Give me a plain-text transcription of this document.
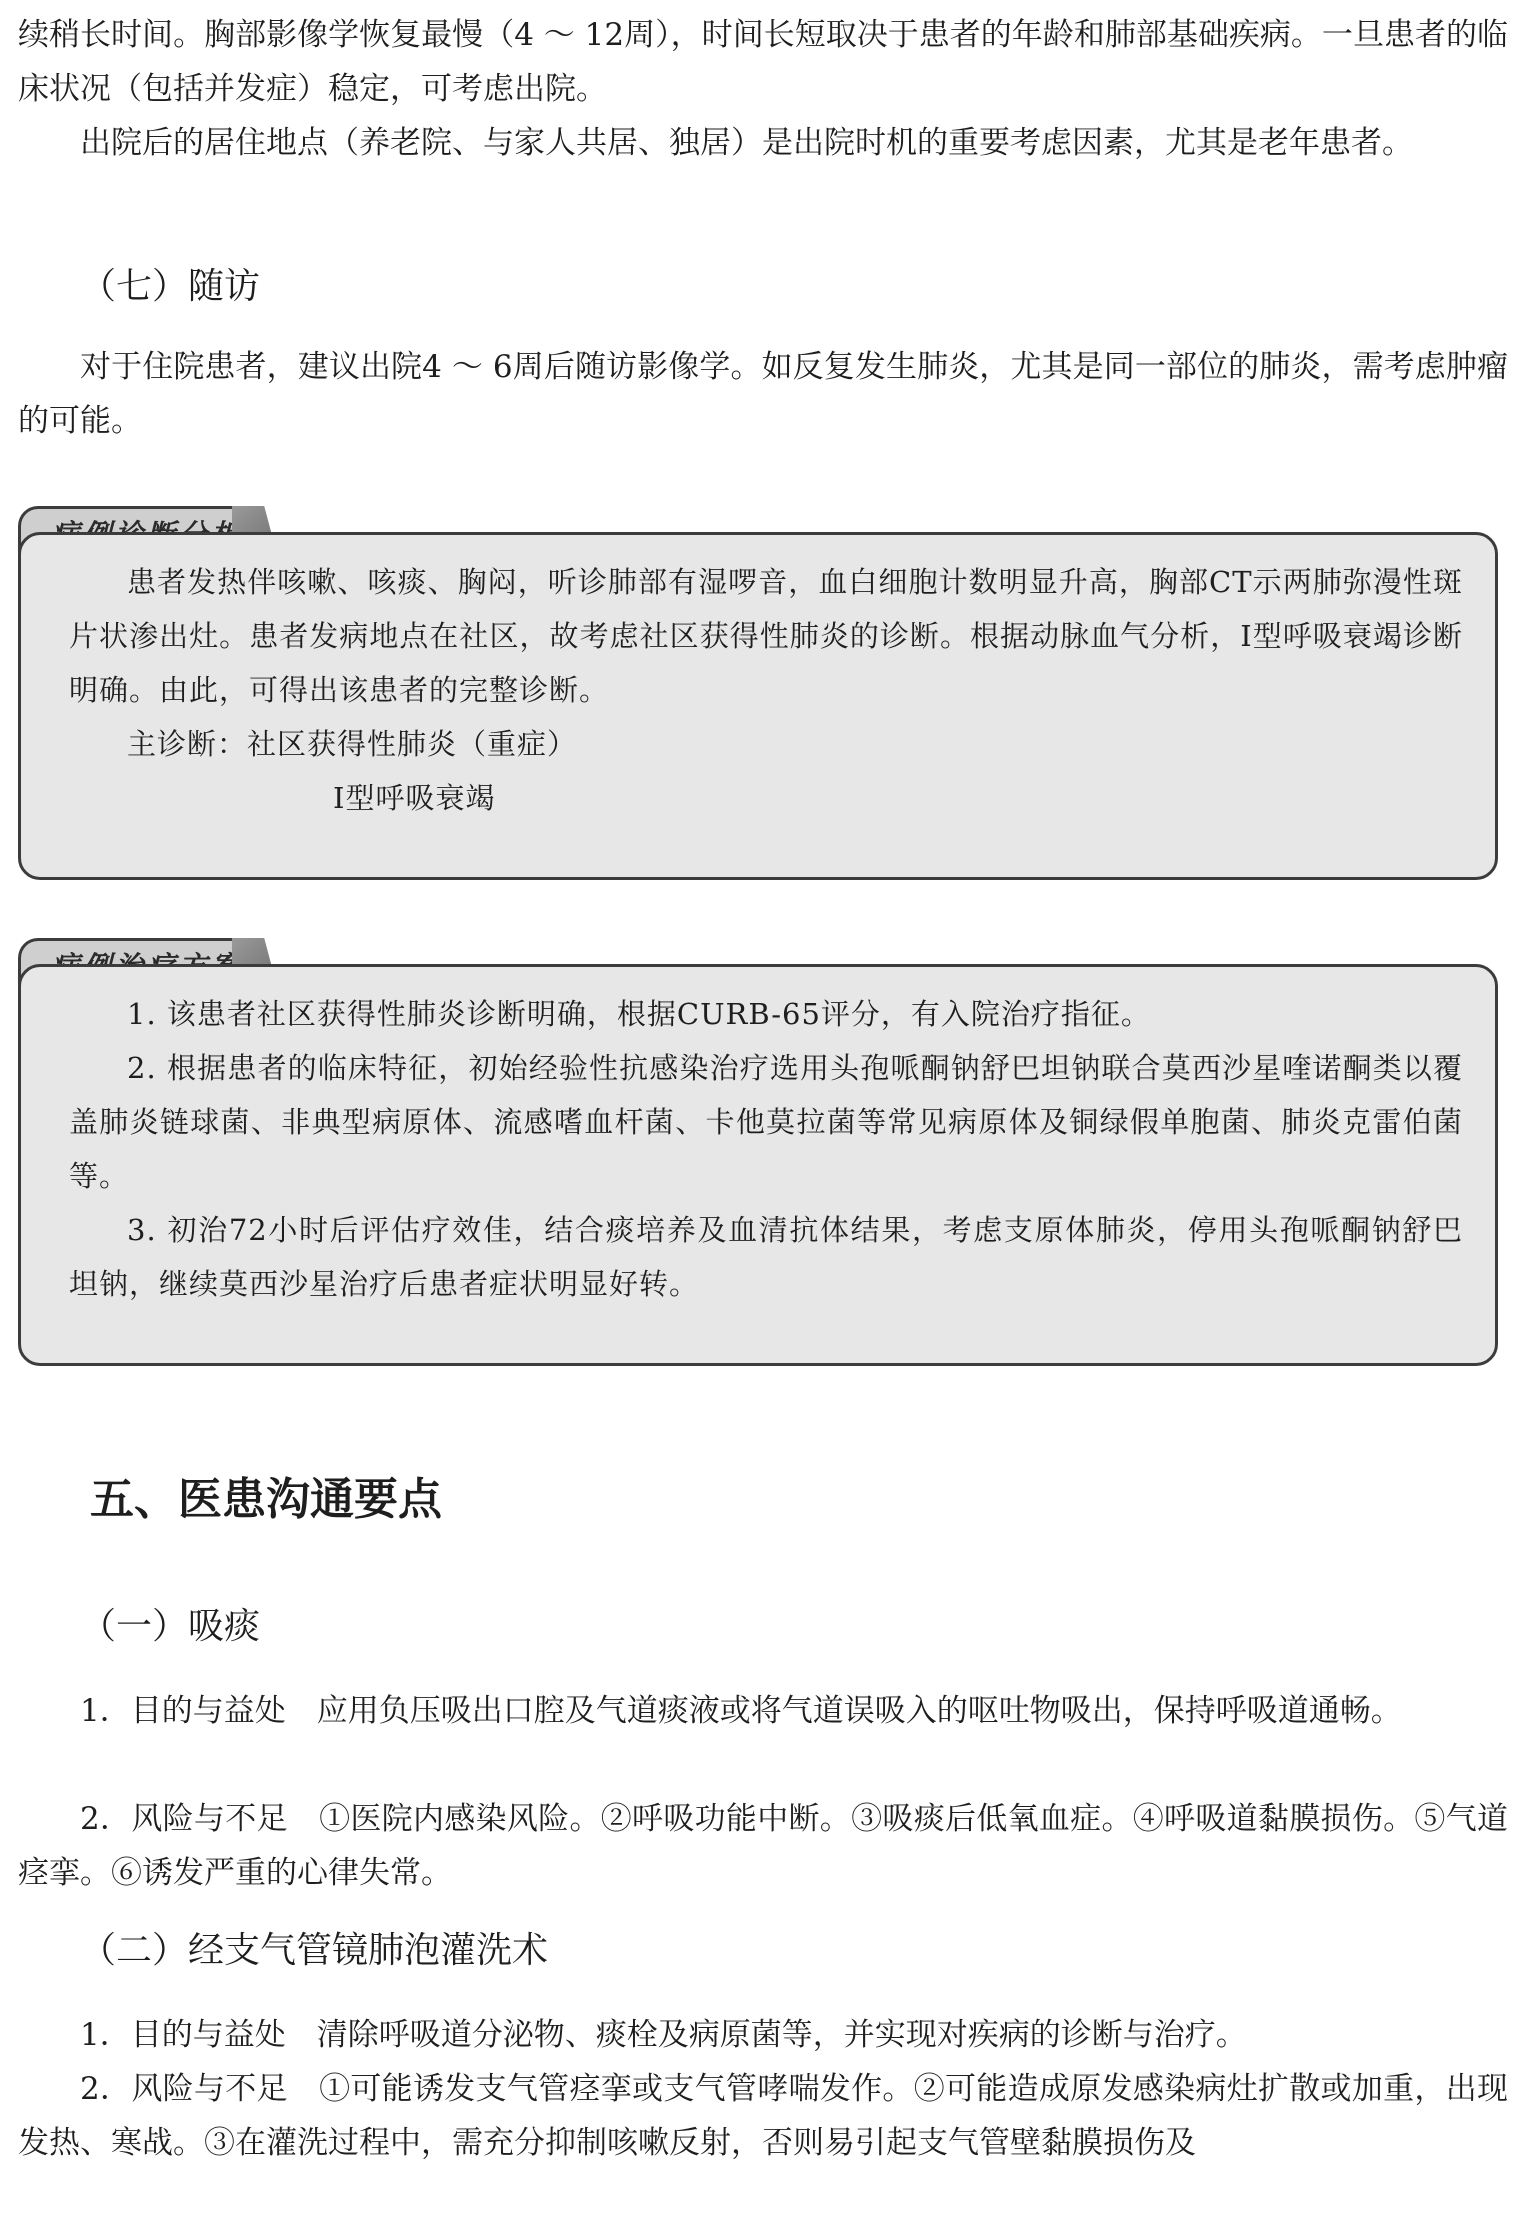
续稍长时间。胸部影像学恢复最慢（4 ～ 12周），时间长短取决于患者的年龄和肺部基础疾病。一旦患者的临床状况（包括并发症）稳定，可考虑出院。

出院后的居住地点（养老院、与家人共居、独居）是出院时机的重要考虑因素，尤其是老年患者。

（七）随访

对于住院患者，建议出院4 ～ 6周后随访影像学。如反复发生肺炎，尤其是同一部位的肺炎，需考虑肿瘤的可能。

患者发热伴咳嗽、咳痰、胸闷，听诊肺部有湿啰音，血白细胞计数明显升高，胸部CT示两肺弥漫性斑片状渗出灶。患者发病地点在社区，故考虑社区获得性肺炎的诊断。根据动脉血气分析，Ⅰ型呼吸衰竭诊断明确。由此，可得出该患者的完整诊断。

主诊断：社区获得性肺炎（重症）

Ⅰ型呼吸衰竭

1. 该患者社区获得性肺炎诊断明确，根据CURB-65评分，有入院治疗指征。

2. 根据患者的临床特征，初始经验性抗感染治疗选用头孢哌酮钠舒巴坦钠联合莫西沙星喹诺酮类以覆盖肺炎链球菌、非典型病原体、流感嗜血杆菌、卡他莫拉菌等常见病原体及铜绿假单胞菌、肺炎克雷伯菌等。

3. 初治72小时后评估疗效佳，结合痰培养及血清抗体结果，考虑支原体肺炎，停用头孢哌酮钠舒巴坦钠，继续莫西沙星治疗后患者症状明显好转。

五、医患沟通要点
（一）吸痰

1．目的与益处　应用负压吸出口腔及气道痰液或将气道误吸入的呕吐物吸出，保持呼吸道通畅。

2．风险与不足　①医院内感染风险。②呼吸功能中断。③吸痰后低氧血症。④呼吸道黏膜损伤。⑤气道痉挛。⑥诱发严重的心律失常。

（二）经支气管镜肺泡灌洗术

1．目的与益处　清除呼吸道分泌物、痰栓及病原菌等，并实现对疾病的诊断与治疗。

2．风险与不足　①可能诱发支气管痉挛或支气管哮喘发作。②可能造成原发感染病灶扩散或加重，出现发热、寒战。③在灌洗过程中，需充分抑制咳嗽反射，否则易引起支气管壁黏膜损伤及
